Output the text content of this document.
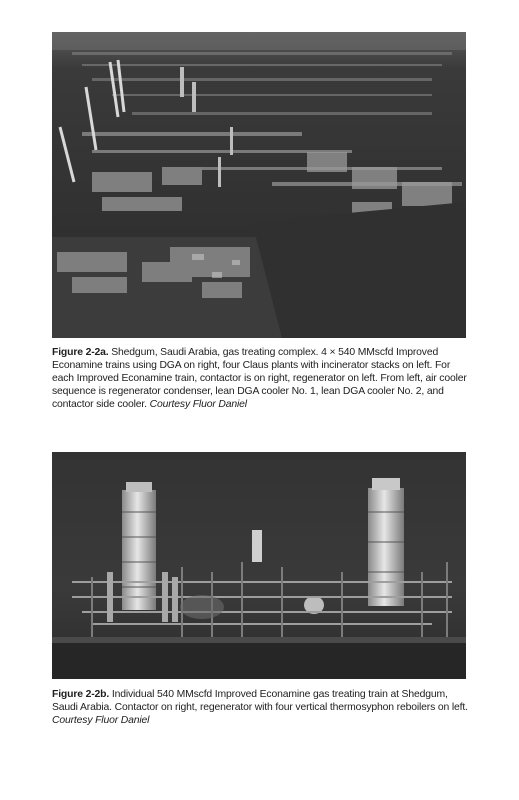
Figure 2-2a. Shedgum, Saudi Arabia, gas treating complex. 4 × 540 MMscfd Improved Econamine trains using DGA on right, four Claus plants with incinerator stacks on left. For each Improved Econamine train, contactor is on right, regenerator on left. From left, air cooler sequence is regenerator condenser, lean DGA cooler No. 1, lean DGA cooler No. 2, and contactor side cooler. Courtesy Fluor Daniel
Figure 2-2b. Individual 540 MMscfd Improved Econamine gas treating train at Shedgum, Saudi Arabia. Contactor on right, regenerator with four vertical thermosyphon reboilers on left. Courtesy Fluor Daniel
